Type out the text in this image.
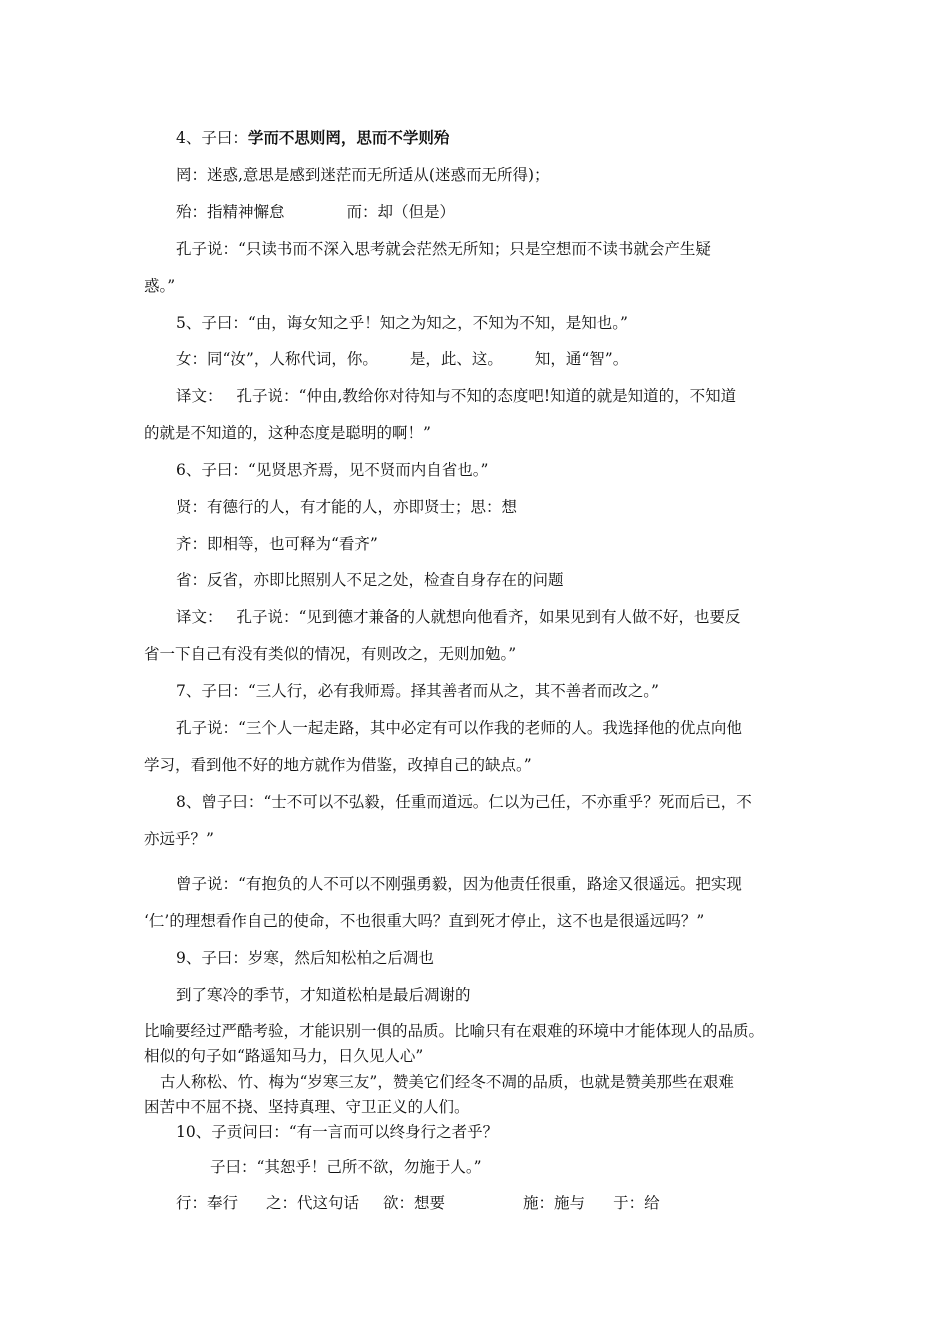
4、子曰：学而不思则罔，思而不学则殆
罔：迷惑,意思是感到迷茫而无所适从(迷惑而无所得)；
殆：指精神懈怠	而：却（但是）
孔子说：“只读书而不深入思考就会茫然无所知；只是空想而不读书就会产生疑
惑。”
5、子曰：“由，诲女知之乎！知之为知之，不知为不知，是知也。”
女：同“汝”，人称代词，你。 是，此、这。 知，通“智”。
译文： 孔子说：“仲由,教给你对待知与不知的态度吧!知道的就是知道的，不知道
的就是不知道的，这种态度是聪明的啊！”
6、子曰：“见贤思齐焉，见不贤而内自省也。”
贤：有德行的人，有才能的人，亦即贤士；思：想
齐：即相等，也可释为“看齐”
省：反省，亦即比照别人不足之处，检查自身存在的问题
译文： 孔子说：“见到德才兼备的人就想向他看齐，如果见到有人做不好，也要反
省一下自己有没有类似的情况，有则改之，无则加勉。”
7、子曰：“三人行，必有我师焉。择其善者而从之，其不善者而改之。”
孔子说：“三个人一起走路，其中必定有可以作我的老师的人。我选择他的优点向他
学习，看到他不好的地方就作为借鉴，改掉自己的缺点。”
8、曾子曰：“士不可以不弘毅，任重而道远。仁以为己任，不亦重乎？死而后已，不
亦远乎？”
曾子说：“有抱负的人不可以不刚强勇毅，因为他责任很重，路途又很遥远。把实现
‘仁’的理想看作自己的使命，不也很重大吗？直到死才停止，这不也是很遥远吗？”
9、子曰：岁寒，然后知松柏之后凋也
到了寒冷的季节，才知道松柏是最后凋谢的
比喻要经过严酷考验，才能识别一俱的品质。比喻只有在艰难的环境中才能体现人的品质。
相似的句子如“路遥知马力，日久见人心”
古人称松、竹、梅为“岁寒三友”，赞美它们经冬不凋的品质，也就是赞美那些在艰难
困苦中不屈不挠、坚持真理、守卫正义的人们。
10、子贡问曰：“有一言而可以终身行之者乎？
子曰：“其恕乎！己所不欲，勿施于人。”
行：奉行 之：代这句话 欲：想要	施：施与 于：给
